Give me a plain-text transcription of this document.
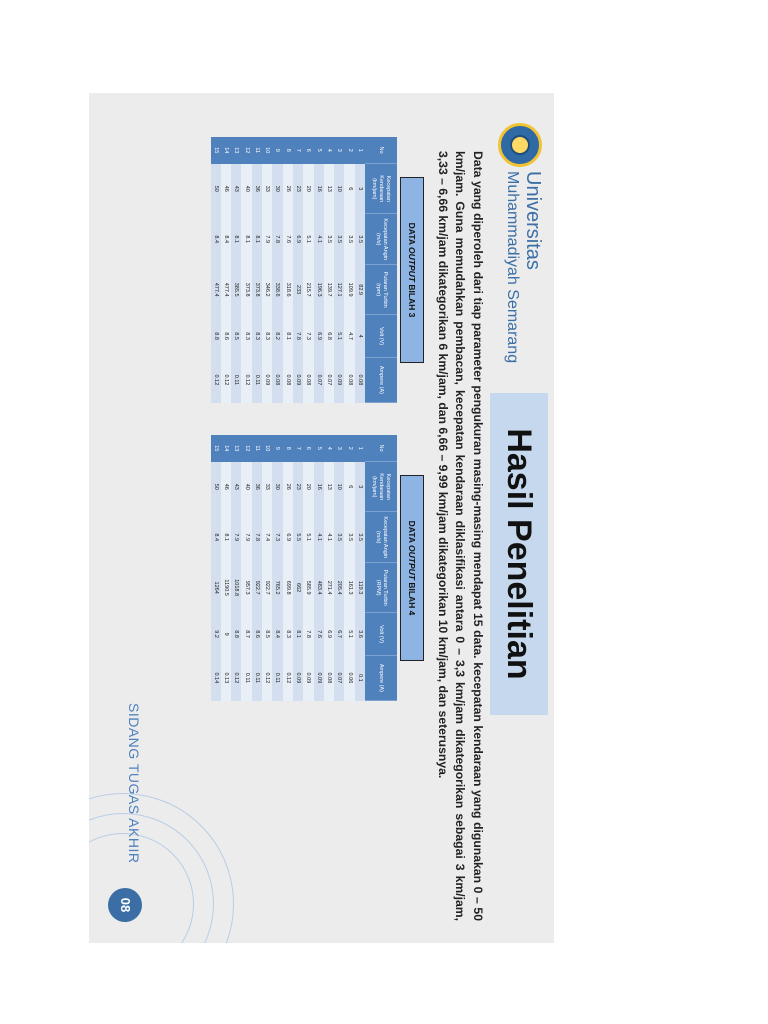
Universitas
Muhammadiyah Semarang
Hasil Penelitian
Data yang diperoleh dari tiap parameter pengukuran masing-masing mendapat 15 data. kecepatan kendaraan yang digunakan 0 – 50 km/jam. Guna memudahkan pembacan, kecepatan kendaraan diklasifikasi antara 0 – 3,3 km/jam dikategorikan sebagai 3 km/jam, 3,33 – 6,66 km/jam dikategorikan 6 km/jam, dan 6,66 – 9,99 km/jam dikategorikan 10 km/jam, dan seterusnya.
DATA OUTPUT BILAH 3
No	Kecepatan Kendaraan (km/jam)	Kecepatan Angin (m/s)	Putaran Turbin (rpm)	Volt (V)	Ampere (A)
1	3	3.5	82.9	4	0.08
2	6	3.5	109.9	4.7	0.08
3	10	3.5	127.1	5.1	0.09
4	13	3.5	139.7	6.8	0.07
5	16	4.1	196.3	6.9	0.07
6	20	5.1	215.7	7.3	0.08
7	23	6.9	233	7.8	0.09
8	26	7.6	318.6	8.1	0.08
9	30	7.8	338.6	8.2	0.08
10	33	7.9	346.2	8.3	0.09
11	36	8.1	373.8	8.3	0.11
12	40	8.1	373.8	8.3	0.12
13	43	8.1	385.5	8.5	0.11
14	46	8.4	477.4	8.6	0.12
15	50	8.4	477.4	8.8	0.12
DATA OUTPUT BILAH 4
No	Kecepatan Kendaraan (km/jam)	Kecepatan Angin (m/s)	Putaran Turbin (RPM)	Volt (V)	Ampere (A)
1	3	3.5	119.3	3.6	0.1
2	6	3.5	161.3	5.1	0.06
3	10	3.5	205.4	6.7	0.07
4	13	4.1	271.4	6.9	0.08
5	16	4.1	483.4	7.6	0.09
6	20	5.1	585.9	7.8	0.09
7	23	5.5	662	8.1	0.09
8	26	6.9	699.8	8.3	0.12
9	30	7.3	765.2	8.4	0.11
10	33	7.4	922.7	8.5	0.12
11	36	7.8	922.7	8.6	0.11
12	40	7.9	957.3	8.7	0.11
13	43	7.9	1018.8	8.8	0.12
14	46	8.1	1190.5	9	0.13
15	50	8.4	1264	9.2	0.14
SIDANG TUGAS AKHIR
08
